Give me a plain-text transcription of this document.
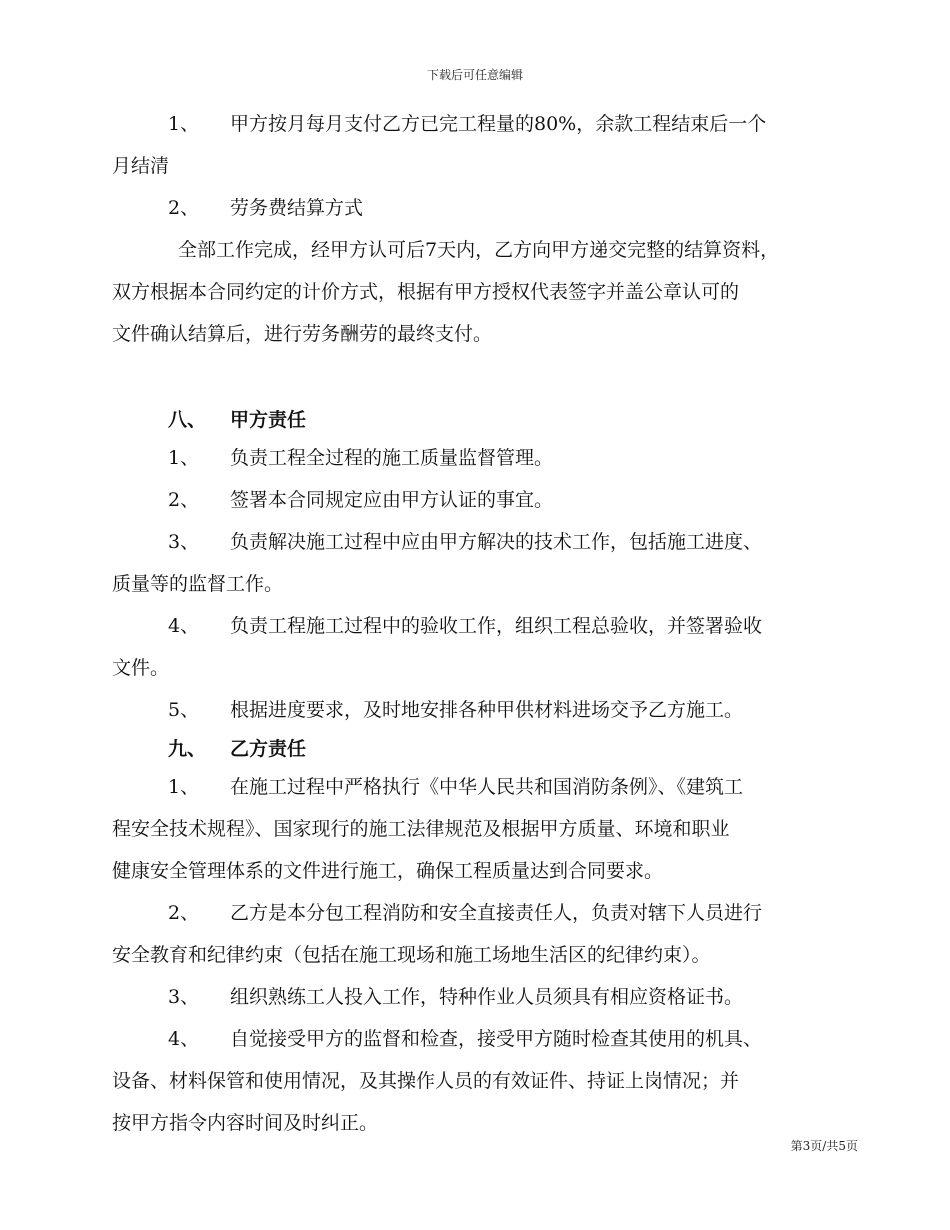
下载后可任意编辑
1、 甲方按月每月支付乙方已完工程量的80%，余款工程结束后一个
月结清
2、 劳务费结算方式
全部工作完成，经甲方认可后7天内，乙方向甲方递交完整的结算资料，
双方根据本合同约定的计价方式，根据有甲方授权代表签字并盖公章认可的
文件确认结算后，进行劳务酬劳的最终支付。
八、 甲方责任
1、 负责工程全过程的施工质量监督管理。
2、 签署本合同规定应由甲方认证的事宜。
3、 负责解决施工过程中应由甲方解决的技术工作，包括施工进度、
质量等的监督工作。
4、 负责工程施工过程中的验收工作，组织工程总验收，并签署验收
文件。
5、 根据进度要求，及时地安排各种甲供材料进场交予乙方施工。
九、 乙方责任
1、 在施工过程中严格执行《中华人民共和国消防条例》、《建筑工
程安全技术规程》、国家现行的施工法律规范及根据甲方质量、环境和职业
健康安全管理体系的文件进行施工，确保工程质量达到合同要求。
2、 乙方是本分包工程消防和安全直接责任人，负责对辖下人员进行
安全教育和纪律约束（包括在施工现场和施工场地生活区的纪律约束）。
3、 组织熟练工人投入工作，特种作业人员须具有相应资格证书。
4、 自觉接受甲方的监督和检查，接受甲方随时检查其使用的机具、
设备、材料保管和使用情况，及其操作人员的有效证件、持证上岗情况；并
按甲方指令内容时间及时纠正。
第3页/共5页
